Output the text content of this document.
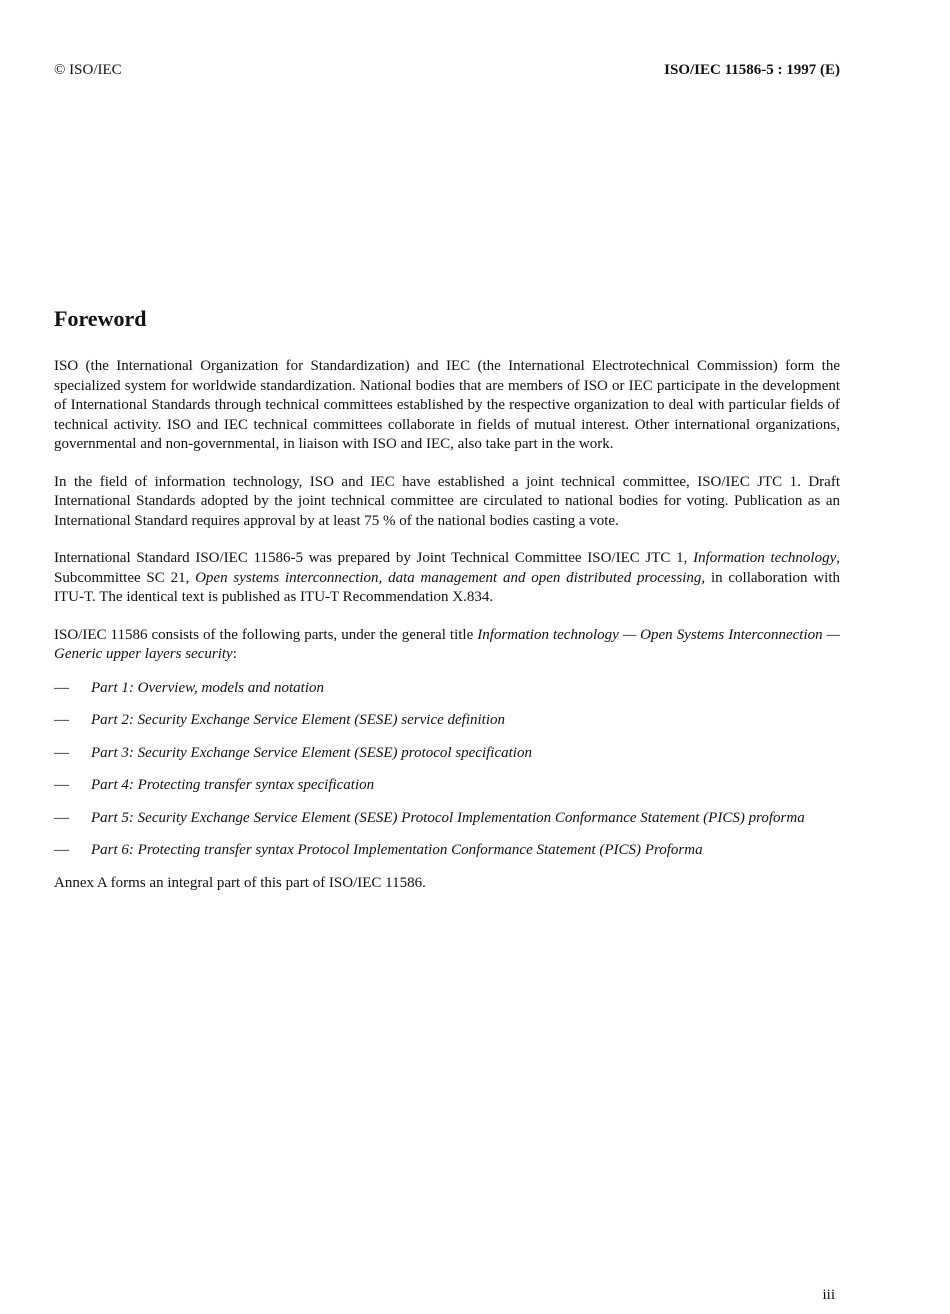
© ISO/IEC	ISO/IEC 11586-5 : 1997 (E)
Foreword

ISO (the International Organization for Standardization) and IEC (the International Electrotechnical Commission) form the specialized system for worldwide standardization. National bodies that are members of ISO or IEC participate in the development of International Standards through technical committees established by the respective organization to deal with particular fields of technical activity. ISO and IEC technical committees collaborate in fields of mutual interest. Other international organizations, governmental and non-governmental, in liaison with ISO and IEC, also take part in the work.

In the field of information technology, ISO and IEC have established a joint technical committee, ISO/IEC JTC 1. Draft International Standards adopted by the joint technical committee are circulated to national bodies for voting. Publication as an International Standard requires approval by at least 75 % of the national bodies casting a vote.

International Standard ISO/IEC 11586-5 was prepared by Joint Technical Committee ISO/IEC JTC 1, Information technology, Subcommittee SC 21, Open systems interconnection, data management and open distributed processing, in collaboration with ITU-T. The identical text is published as ITU-T Recommendation X.834.

ISO/IEC 11586 consists of the following parts, under the general title Information technology — Open Systems Interconnection — Generic upper layers security:

—	Part 1: Overview, models and notation
—	Part 2: Security Exchange Service Element (SESE) service definition
—	Part 3: Security Exchange Service Element (SESE) protocol specification
—	Part 4: Protecting transfer syntax specification
—	Part 5: Security Exchange Service Element (SESE) Protocol Implementation Conformance Statement (PICS) proforma
—	Part 6: Protecting transfer syntax Protocol Implementation Conformance Statement (PICS) Proforma

Annex A forms an integral part of this part of ISO/IEC 11586.

iii
